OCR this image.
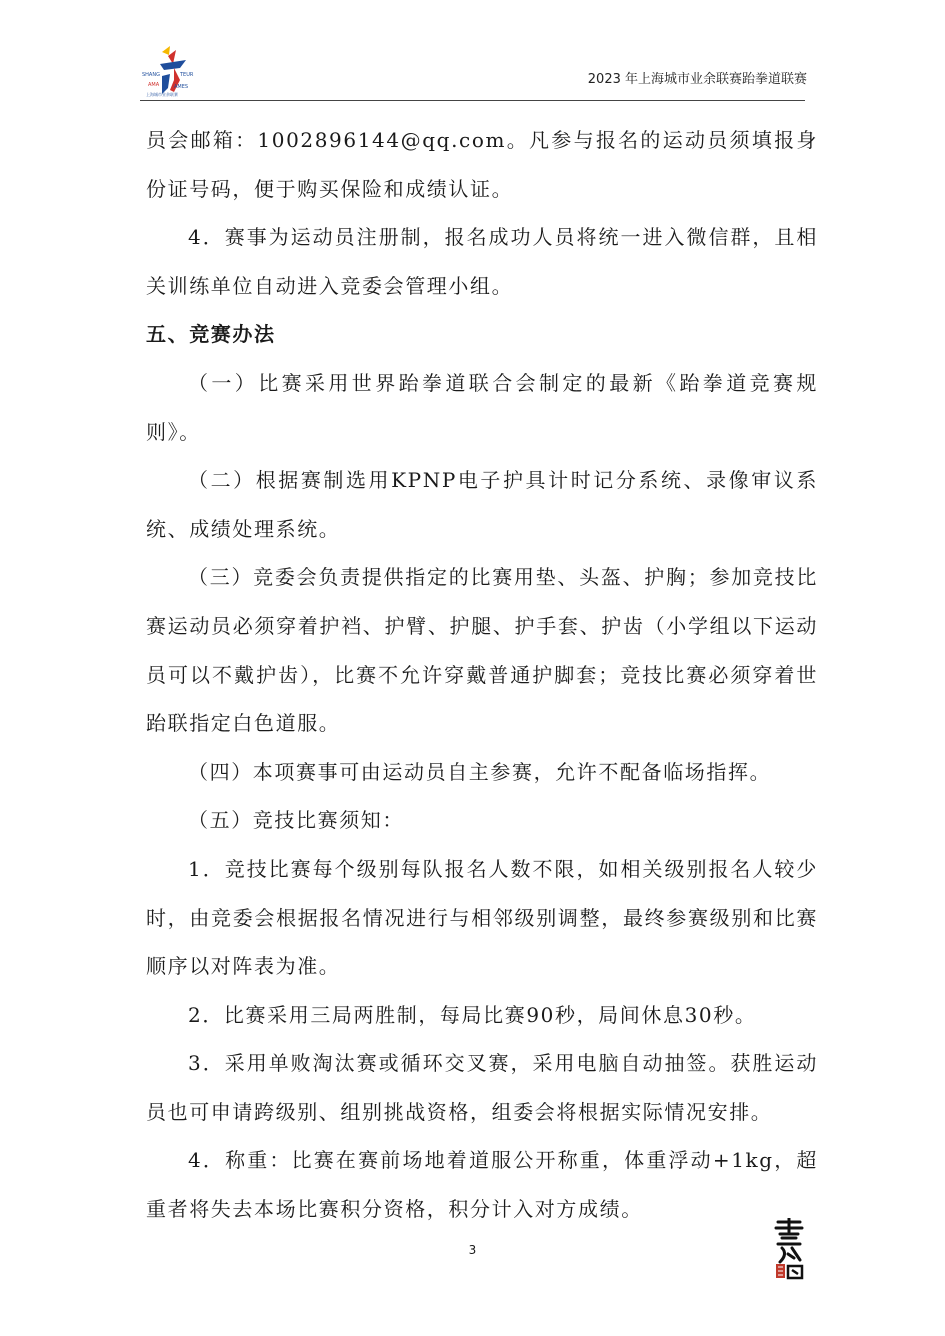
SHANG	TEUR
AMA	AMES
上海城市业余联赛
2023 年上海城市业余联赛跆拳道联赛

员会邮箱：1002896144@qq.com。凡参与报名的运动员须填报身份证号码，便于购买保险和成绩认证。

4．赛事为运动员注册制，报名成功人员将统一进入微信群，且相关训练单位自动进入竞委会管理小组。

五、竞赛办法

（一）比赛采用世界跆拳道联合会制定的最新《跆拳道竞赛规则》。

（二）根据赛制选用KPNP电子护具计时记分系统、录像审议系统、成绩处理系统。

（三）竞委会负责提供指定的比赛用垫、头盔、护胸；参加竞技比赛运动员必须穿着护裆、护臂、护腿、护手套、护齿（小学组以下运动员可以不戴护齿），比赛不允许穿戴普通护脚套；竞技比赛必须穿着世跆联指定白色道服。

（四）本项赛事可由运动员自主参赛，允许不配备临场指挥。

（五）竞技比赛须知：

1．竞技比赛每个级别每队报名人数不限，如相关级别报名人较少时，由竞委会根据报名情况进行与相邻级别调整，最终参赛级别和比赛顺序以对阵表为准。

2．比赛采用三局两胜制，每局比赛90秒，局间休息30秒。

3．采用单败淘汰赛或循环交叉赛，采用电脑自动抽签。获胜运动员也可申请跨级别、组别挑战资格，组委会将根据实际情况安排。

4．称重：比赛在赛前场地着道服公开称重，体重浮动+1kg，超重者将失去本场比赛积分资格，积分计入对方成绩。

3
